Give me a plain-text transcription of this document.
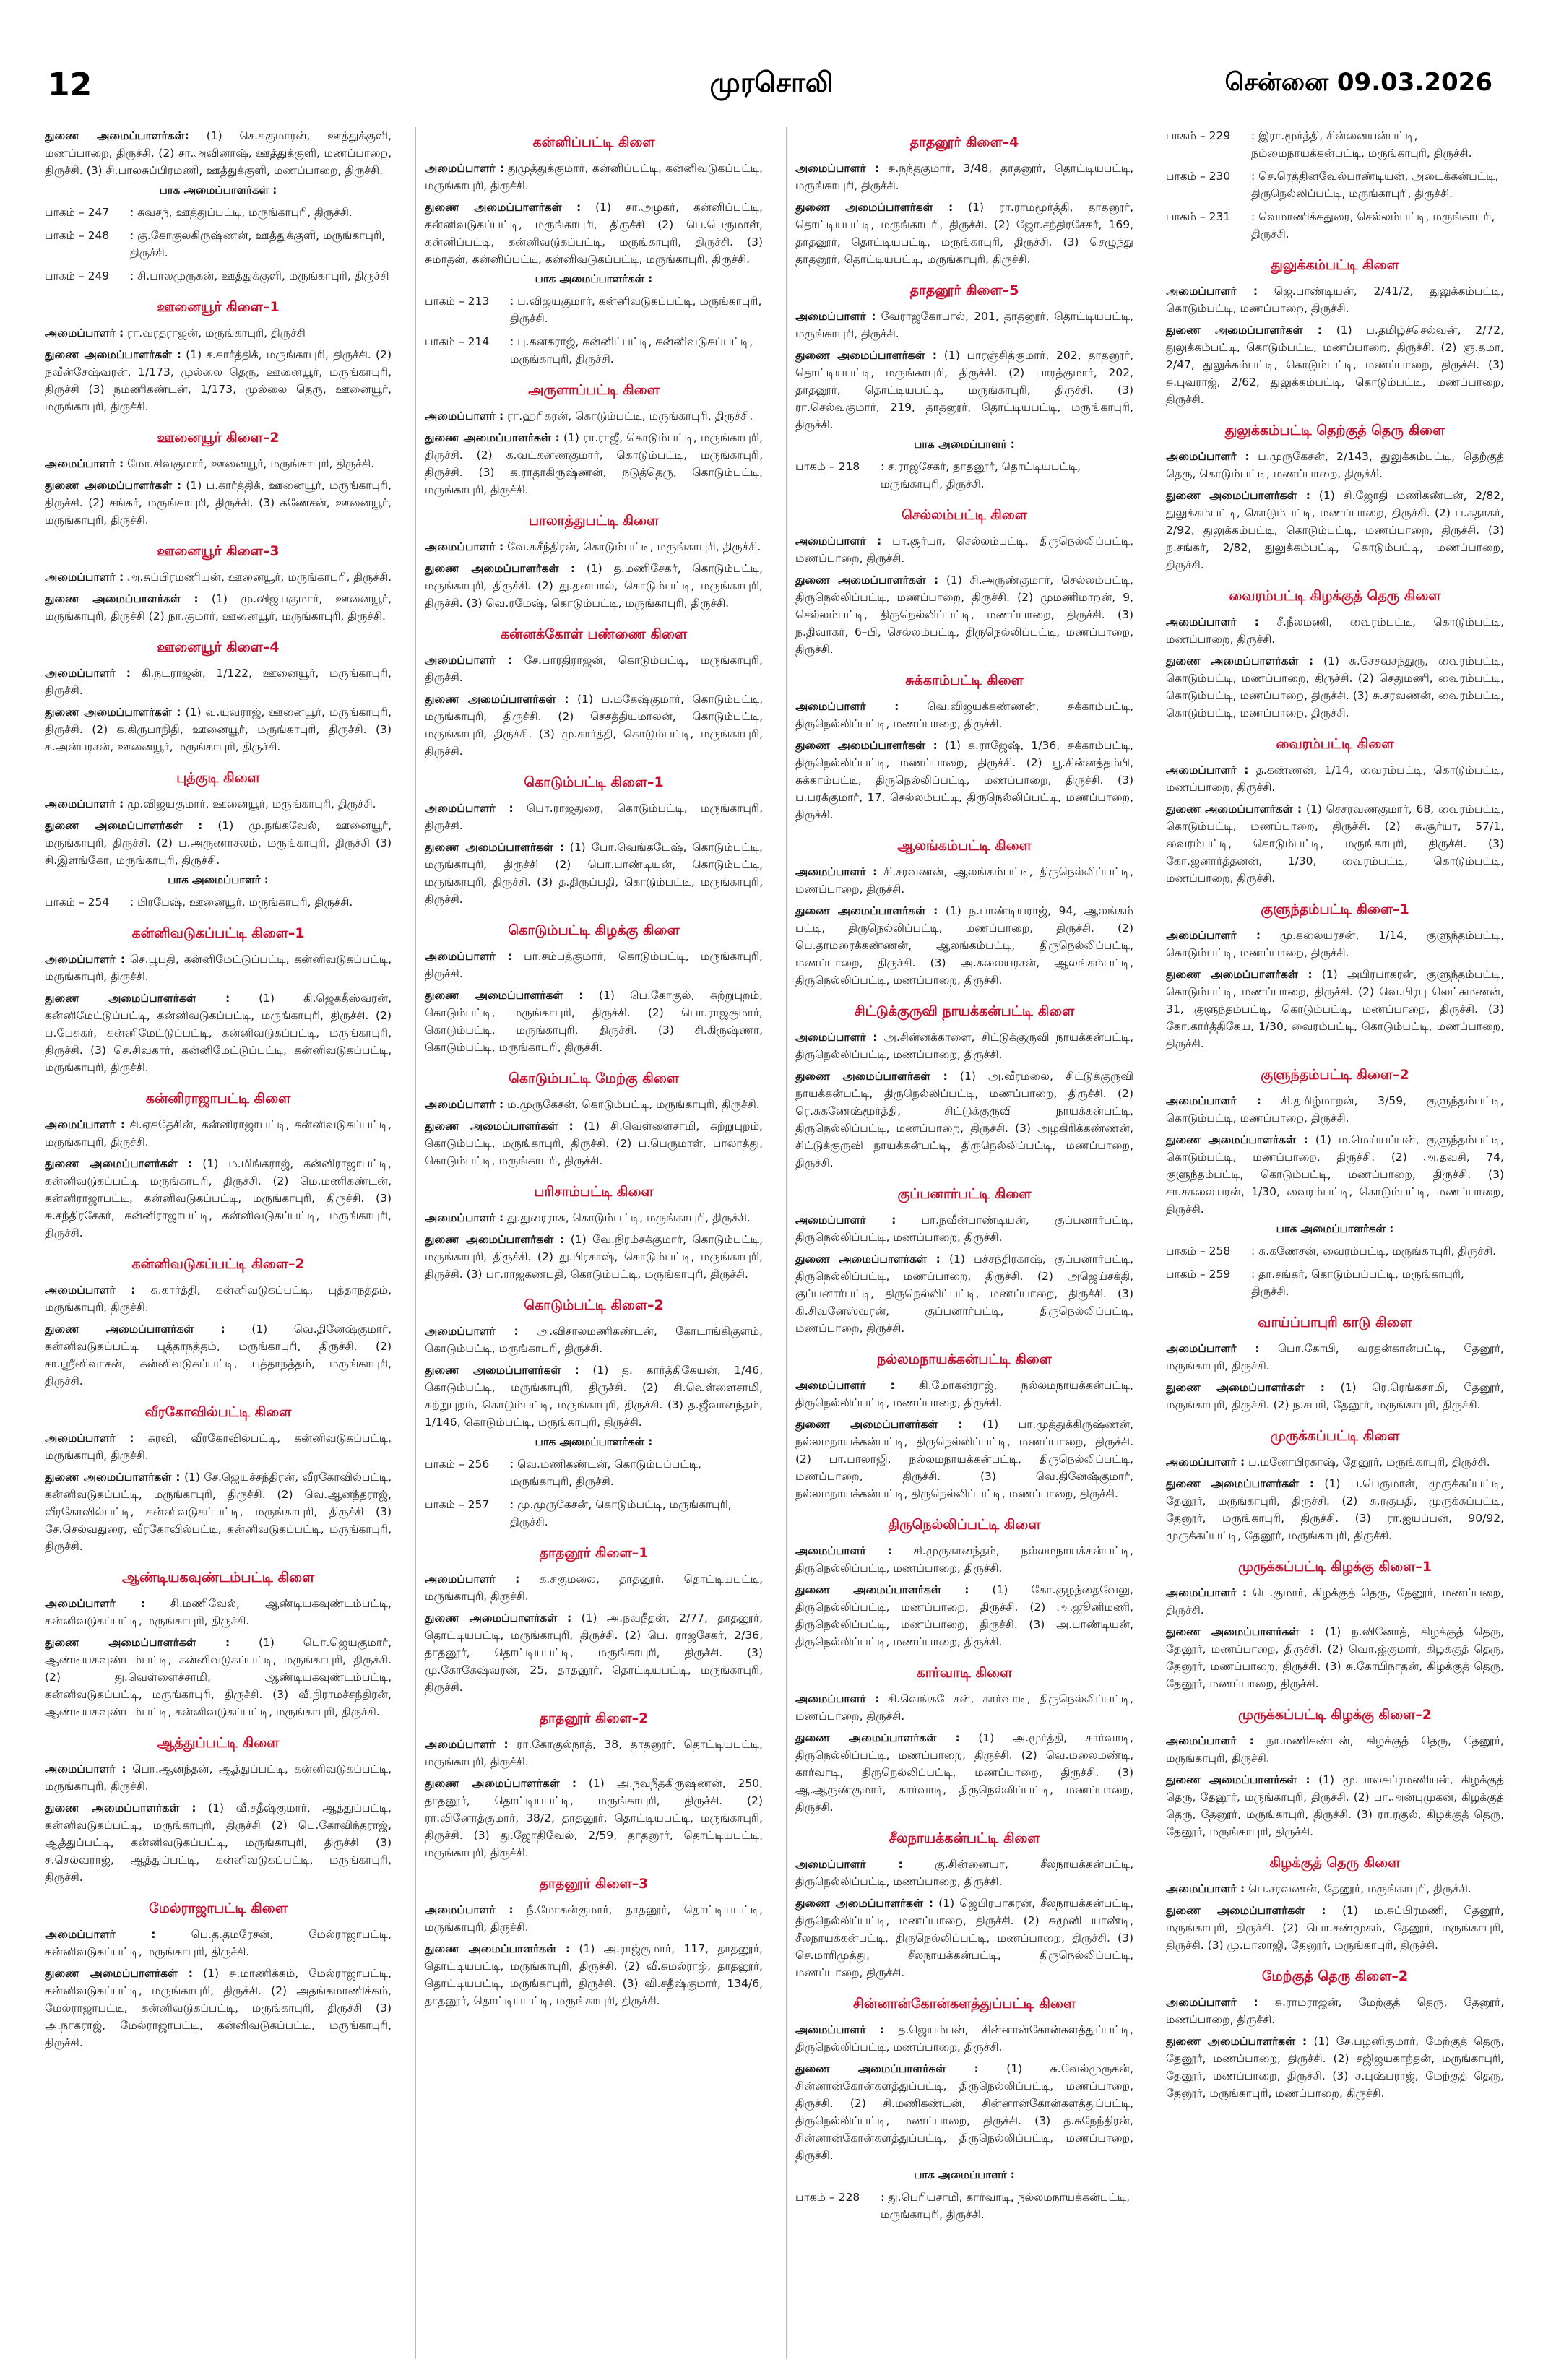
12	முரசொலி	சென்னை 09.03.2026
துணை அமைப்பாளர்கள்: (1) செ.சுகுமாரன், ஊத்துக்குளி, மணப்பாறை, திருச்சி. (2) சா.அவினாஷ், ஊத்துக்குளி, மணப்பாறை, திருச்சி. (3) சி.பாலசுப்பிரமணி, ஊத்துக்குளி, மணப்பாறை, திருச்சி.
பாக அமைப்பாளர்கள் :
பாகம் – 247	: சுவசந், ஊத்துப்பட்டி, மருங்காபுரி, திருச்சி.
பாகம் – 248	: கு.கோகுலகிருஷ்ணன், ஊத்துக்குளி, மருங்காபுரி, திருச்சி.
பாகம் – 249	: சி.பாலமுருகன், ஊத்துக்குளி, மருங்காபுரி, திருச்சி
ஊனையூர் கிளை–1
அமைப்பாளர் : ரா.வரதராஜன், மருங்காபுரி, திருச்சி
துணை அமைப்பாளர்கள் : (1) ச.கார்த்திக், மருங்காபுரி, திருச்சி. (2) நவீன்சேஷ்வரன், 1/173, முல்லை தெரு, ஊனையூர், மருங்காபுரி, திருச்சி (3) நமணிகண்டன், 1/173, முல்லை தெரு, ஊனையூர், மருங்காபுரி, திருச்சி.
ஊனையூர் கிளை–2
அமைப்பாளர் : மோ.சிவகுமார், ஊனையூர், மருங்காபுரி, திருச்சி.
துணை அமைப்பாளர்கள் : (1) ப.கார்த்திக், ஊனையூர், மருங்காபுரி, திருச்சி. (2) சங்கர், மருங்காபுரி, திருச்சி. (3) கணேசன், ஊனையூர், மருங்காபுரி, திருச்சி.
ஊனையூர் கிளை–3
அமைப்பாளர் : அ.சுப்பிரமணியன், ஊனையூர், மருங்காபுரி, திருச்சி.
துணை அமைப்பாளர்கள் : (1) மு.விஜயகுமார், ஊனையூர், மருங்காபுரி, திருச்சி (2) நா.குமார், ஊனையூர், மருங்காபுரி, திருச்சி.
ஊனையூர் கிளை–4
அமைப்பாளர் : கி.நடராஜன், 1/122, ஊனையூர், மருங்காபுரி, திருச்சி.
துணை அமைப்பாளர்கள் : (1) வ.யுவராஜ், ஊனையூர், மருங்காபுரி, திருச்சி. (2) க.கிருபாநிதி, ஊனையூர், மருங்காபுரி, திருச்சி. (3) க.அன்பரசன், ஊனையூர், மருங்காபுரி, திருச்சி.
புத்குடி கிளை
அமைப்பாளர் : மு.விஜயகுமார், ஊனையூர், மருங்காபுரி, திருச்சி.
துணை அமைப்பாளர்கள் : (1) மு.நங்கவேல், ஊனையூர், மருங்காபுரி, திருச்சி. (2) ப.அருணாசலம், மருங்காபுரி, திருச்சி (3) சி.இளங்கோ, மருங்காபுரி, திருச்சி.
பாக அமைப்பாளர் :
பாகம் – 254	: பிரபேஷ், ஊனையூர், மருங்காபுரி, திருச்சி.
கன்னிவடுகப்பட்டி கிளை–1
அமைப்பாளர் : செ.பூபதி, கன்னிமேட்டுப்பட்டி, கன்னிவடுகப்பட்டி, மருங்காபுரி, திருச்சி.
துணை அமைப்பாளர்கள் :	(1) கி.ஜெகதீஸ்வரன், கன்னிமேட்டுப்பட்டி, கன்னிவடுகப்பட்டி, மருங்காபுரி, திருச்சி. (2) ப.பேசுகர், கன்னிமேட்டுப்பட்டி, கன்னிவடுகப்பட்டி, மருங்காபுரி, திருச்சி. (3) செ.சிவகார், கன்னிமேட்டுப்பட்டி, கன்னிவடுகப்பட்டி, மருங்காபுரி, திருச்சி.
கன்னிராஜாபட்டி கிளை
அமைப்பாளர் : சி.ஏகதேசின், கன்னிராஜாபட்டி, கன்னிவடுகப்பட்டி, மருங்காபுரி, திருச்சி.
துணை அமைப்பாளர்கள் : (1) ம.மிங்கராஜ், கன்னிராஜாபட்டி, கன்னிவடுகப்பட்டி மருங்காபுரி, திருச்சி. (2) மெ.மணிகண்டன், கன்னிராஜாபட்டி, கன்னிவடுகப்பட்டி, மருங்காபுரி, திருச்சி. (3) சு.சந்திரசேகர், கன்னிராஜாபட்டி, கன்னிவடுகப்பட்டி, மருங்காபுரி, திருச்சி.
கன்னிவடுகப்பட்டி கிளை–2
அமைப்பாளர் : சு.கார்த்தி, கன்னிவடுகப்பட்டி, புத்தாநத்தம், மருங்காபுரி, திருச்சி.
துணை அமைப்பாளர்கள் : (1) வெ.தினேஷ்குமார், கன்னிவடுகப்பட்டி புத்தாநத்தம், மருங்காபுரி, திருச்சி. (2) சா.ஸ்ரீனிவாசன், கன்னிவடுகப்பட்டி, புத்தாநத்தம், மருங்காபுரி, திருச்சி.
வீரகோவில்பட்டி கிளை
அமைப்பாளர் : சுரவி, வீரகோவில்பட்டி, கன்னிவடுகப்பட்டி, மருங்காபுரி, திருச்சி.
துணை அமைப்பாளர்கள் : (1) சே.ஜெயச்சந்திரன், வீரகோவில்பட்டி, கன்னிவடுகப்பட்டி, மருங்காபுரி, திருச்சி. (2) வெ.ஆனந்தராஜ், வீரகோவில்பட்டி, கன்னிவடுகப்பட்டி, மருங்காபுரி, திருச்சி (3) சே.செல்வதுரை, வீரகோவில்பட்டி, கன்னிவடுகப்பட்டி, மருங்காபுரி, திருச்சி.
ஆண்டியகவுண்டம்பட்டி கிளை
அமைப்பாளர் : சி.மணிவேல், ஆண்டியகவுண்டம்பட்டி, கன்னிவடுகப்பட்டி, மருங்காபுரி, திருச்சி.
துணை அமைப்பாளர்கள் :	(1) பொ.ஜெயகுமார், ஆண்டியகவுண்டம்பட்டி, கன்னிவடுகப்பட்டி, மருங்காபுரி, திருச்சி. (2) து.வெள்ளைச்சாமி, ஆண்டியகவுண்டம்பட்டி, கன்னிவடுகப்பட்டி, மருங்காபுரி, திருச்சி. (3) வீ.நிராமச்சந்திரன், ஆண்டியகவுண்டம்பட்டி, கன்னிவடுகப்பட்டி, மருங்காபுரி, திருச்சி.
ஆத்துப்பட்டி கிளை
அமைப்பாளர் : பொ.ஆனந்தன், ஆத்துப்பட்டி, கன்னிவடுகப்பட்டி, மருங்காபுரி, திருச்சி.
துணை அமைப்பாளர்கள் : (1) வீ.சதீஷ்குமார், ஆத்துப்பட்டி, கன்னிவடுகப்பட்டி, மருங்காபுரி, திருச்சி (2) பெ.கோவிந்தராஜ், ஆத்துப்பட்டி, கன்னிவடுகப்பட்டி, மருங்காபுரி, திருச்சி (3) ச.செல்வராஜ், ஆத்துப்பட்டி, கன்னிவடுகப்பட்டி, மருங்காபுரி, திருச்சி.
மேல்ராஜாபட்டி கிளை
அமைப்பாளர் :	பெ.த.தமரேசன், மேல்ராஜாபட்டி, கன்னிவடுகப்பட்டி, மருங்காபுரி, திருச்சி.
துணை அமைப்பாளர்கள் : (1) சு.மாணிக்கம், மேல்ராஜாபட்டி, கன்னிவடுகப்பட்டி, மருங்காபுரி, திருச்சி. (2) அதங்கமாணிக்கம், மேல்ராஜாபட்டி, கன்னிவடுகப்பட்டி, மருங்காபுரி, திருச்சி (3) அ.நாகராஜ், மேல்ராஜாபட்டி, கன்னிவடுகப்பட்டி, மருங்காபுரி, திருச்சி.
கன்னிப்பட்டி கிளை
அமைப்பாளர் : துமுத்துக்குமார், கன்னிப்பட்டி, கன்னிவடுகப்பட்டி, மருங்காபுரி, திருச்சி.
துணை அமைப்பாளர்கள் : (1) சா.அழகர், கன்னிப்பட்டி, கன்னிவடுகப்பட்டி, மருங்காபுரி, திருச்சி (2) பெ.பெருமாள், கன்னிப்பட்டி, கன்னிவடுகப்பட்டி, மருங்காபுரி, திருச்சி. (3) சுமாதன், கன்னிப்பட்டி, கன்னிவடுகப்பட்டி, மருங்காபுரி, திருச்சி.
பாக அமைப்பாளர்கள் :
பாகம் – 213	: ப.விஜயகுமார், கன்னிவடுகப்பட்டி, மருங்காபுரி, திருச்சி.
பாகம் – 214	: பு.கனகராஜ், கன்னிப்பட்டி, கன்னிவடுகப்பட்டி, மருங்காபுரி, திருச்சி.
அருளாப்பட்டி கிளை
அமைப்பாளர் : ரா.ஹரிகரன், கொடும்பட்டி, மருங்காபுரி, திருச்சி.
துணை அமைப்பாளர்கள் : (1) ரா.ராஜீ, கொடும்பட்டி, மருங்காபுரி, திருச்சி. (2) க.வட்கனணகுமார், கொடும்பட்டி, மருங்காபுரி, திருச்சி. (3) க.ராதாகிருஷ்ணன், நடுத்தெரு, கொடும்பட்டி, மருங்காபுரி, திருச்சி.
பாலாத்துபட்டி கிளை
அமைப்பாளர் : வே.சுசீந்திரன், கொடும்பட்டி, மருங்காபுரி, திருச்சி.
துணை அமைப்பாளர்கள் : (1) த.மணிசேகர், கொடும்பட்டி, மருங்காபுரி, திருச்சி. (2) து.தனபால், கொடும்பட்டி, மருங்காபுரி, திருச்சி. (3) வெ.ரமேஷ், கொடும்பட்டி, மருங்காபுரி, திருச்சி.
கன்னக்கோள் பண்ணை கிளை
அமைப்பாளர் : சே.பாரதிராஜன், கொடும்பட்டி, மருங்காபுரி, திருச்சி.
துணை அமைப்பாளர்கள் : (1) ப.மகேஷ்குமார், கொடும்பட்டி, மருங்காபுரி, திருச்சி. (2) செசத்தியமாலன், கொடும்பட்டி, மருங்காபுரி, திருச்சி. (3) மு.கார்த்தி, கொடும்பட்டி, மருங்காபுரி, திருச்சி.
கொடும்பட்டி கிளை–1
அமைப்பாளர் : பொ.ராஜதுரை, கொடும்பட்டி, மருங்காபுரி, திருச்சி.
துணை அமைப்பாளர்கள் : (1) போ.வெங்கடேஷ், கொடும்பட்டி, மருங்காபுரி, திருச்சி (2) பொ.பாண்டியன், கொடும்பட்டி, மருங்காபுரி, திருச்சி. (3) த.திருப்பதி, கொடும்பட்டி, மருங்காபுரி, திருச்சி.
கொடும்பட்டி கிழக்கு கிளை
அமைப்பாளர் : பா.சம்பத்குமார், கொடும்பட்டி, மருங்காபுரி, திருச்சி.
துணை அமைப்பாளர்கள் : (1) பெ.கோகுல், சுற்றுபுறம், கொடும்பட்டி, மருங்காபுரி, திருச்சி. (2) பொ.ராஜகுமார், கொடும்பட்டி, மருங்காபுரி, திருச்சி. (3) சி.கிருஷ்ணா, கொடும்பட்டி, மருங்காபுரி, திருச்சி.
கொடும்பட்டி மேற்கு கிளை
அமைப்பாளர் : ம.முருகேசன், கொடும்பட்டி, மருங்காபுரி, திருச்சி.
துணை அமைப்பாளர்கள் : (1) சி.வெள்ளைசாமி, சுற்றுபுறம், கொடும்பட்டி, மருங்காபுரி, திருச்சி. (2) ப.பெருமாள், பாலாத்து, கொடும்பட்டி, மருங்காபுரி, திருச்சி.
பரிசாம்பட்டி கிளை
அமைப்பாளர் : து.துரைராசு, கொடும்பட்டி, மருங்காபுரி, திருச்சி.
துணை அமைப்பாளர்கள் : (1) வே.நிரம்சக்குமார், கொடும்பட்டி, மருங்காபுரி, திருச்சி. (2) து.பிரகாஷ், கொடும்பட்டி, மருங்காபுரி, திருச்சி. (3) பா.ராஜகணபதி, கொடும்பட்டி, மருங்காபுரி, திருச்சி.
கொடும்பட்டி கிளை–2
அமைப்பாளர் : அ.விசாலமணிகண்டன், கோடாங்கிகுளம், கொடும்பட்டி, மருங்காபுரி, திருச்சி.
துணை அமைப்பாளர்கள் : (1) த. கார்த்திகேயன், 1/46, கொடும்பட்டி, மருங்காபுரி, திருச்சி. (2) சி.வெள்ளைசாமி, சுற்றுபுறம், கொடும்பட்டி, மருங்காபுரி, திருச்சி. (3) த.ஜீவானந்தம், 1/146, கொடும்பட்டி, மருங்காபுரி, திருச்சி.
பாக அமைப்பாளர்கள் :
பாகம் – 256	: வெ.மணிகண்டன், கொடும்பப்பட்டி, மருங்காபுரி, திருச்சி.
பாகம் – 257	: மு.முருகேசன், கொடும்பட்டி, மருங்காபுரி, திருச்சி.
தாதனூர் கிளை–1
அமைப்பாளர் : க.சுகுமலை, தாதனூர், தொட்டியபட்டி, மருங்காபுரி, திருச்சி.
துணை அமைப்பாளர்கள் : (1) அ.நவநீதன், 2/77, தாதனூர், தொட்டியபட்டி, மருங்காபுரி, திருச்சி. (2) பெ. ராஜசேகர், 2/36, தாதனூர், தொட்டியபட்டி, மருங்காபுரி, திருச்சி. (3) மு.கோகேஷ்வரன், 25, தாதனூர், தொட்டியபட்டி, மருங்காபுரி, திருச்சி.
தாதனூர் கிளை–2
அமைப்பாளர் : ரா.கோகுல்நாத், 38, தாதனூர், தொட்டியபட்டி, மருங்காபுரி, திருச்சி.
துணை அமைப்பாளர்கள் : (1) அ.நவநீதகிருஷ்ணன், 250, தாதனூர், தொட்டியபட்டி, மருங்காபுரி, திருச்சி. (2) ரா.வினோத்குமார், 38/2, தாதனூர், தொட்டியபட்டி, மருங்காபுரி, திருச்சி. (3) து.ஜோதிவேல், 2/59, தாதனூர், தொட்டியபட்டி, மருங்காபுரி, திருச்சி.
தாதனூர் கிளை–3
அமைப்பாளர் : நீ.மோகன்குமார், தாதனூர், தொட்டியபட்டி, மருங்காபுரி, திருச்சி.
துணை அமைப்பாளர்கள் : (1) அ.ராஜ்குமார், 117, தாதனூர், தொட்டியபட்டி, மருங்காபுரி, திருச்சி. (2) வீ.சுமல்ராஜ், தாதனூர், தொட்டியபட்டி, மருங்காபுரி, திருச்சி. (3) வி.சதீஷ்குமார், 134/6, தாதனூர், தொட்டியபட்டி, மருங்காபுரி, திருச்சி.
தாதனூர் கிளை–4
அமைப்பாளர் : சு.நந்தகுமார், 3/48, தாதனூர், தொட்டியபட்டி, மருங்காபுரி, திருச்சி.
துணை அமைப்பாளர்கள் : (1) ரா.ராமமூர்த்தி, தாதனூர், தொட்டியபட்டி, மருங்காபுரி, திருச்சி. (2) ஜோ.சந்திரசேகர், 169, தாதனூர், தொட்டியபட்டி, மருங்காபுரி, திருச்சி. (3) செழுந்து தாதனூர், தொட்டியபட்டி, மருங்காபுரி, திருச்சி.
தாதனூர் கிளை–5
அமைப்பாளர் : வேராஜகோபால், 201, தாதனூர், தொட்டியபட்டி, மருங்காபுரி, திருச்சி.
துணை அமைப்பாளர்கள் : (1) பாரஞ்சித்குமார், 202, தாதனூர், தொட்டியபட்டி, மருங்காபுரி, திருச்சி. (2) பாரத்குமார், 202, தாதனூர், தொட்டியபட்டி, மருங்காபுரி, திருச்சி. (3) ரா.செல்வகுமார், 219, தாதனூர், தொட்டியபட்டி, மருங்காபுரி, திருச்சி.
பாக அமைப்பாளர் :
பாகம் – 218	: ச.ராஜசேகர், தாதனூர், தொட்டியபட்டி, மருங்காபுரி, திருச்சி.
செல்லம்பட்டி கிளை
அமைப்பாளர் : பா.சூர்யா, செல்லம்பட்டி, திருநெல்லிப்பட்டி, மணப்பாறை, திருச்சி.
துணை அமைப்பாளர்கள் : (1) சி.அருண்குமார், செல்லம்பட்டி, திருநெல்லிப்பட்டி, மணப்பாறை, திருச்சி. (2) முமணிமாறன், 9, செல்லம்பட்டி, திருநெல்லிப்பட்டி, மணப்பாறை, திருச்சி. (3) ந.திவாகர், 6–பி, செல்லம்பட்டி, திருநெல்லிப்பட்டி, மணப்பாறை, திருச்சி.
சுக்காம்பட்டி கிளை
அமைப்பாளர் :	வெ.விஜயக்கண்ணன், சுக்காம்பட்டி, திருநெல்லிப்பட்டி, மணப்பாறை, திருச்சி.
துணை அமைப்பாளர்கள் : (1) க.ராஜேஷ், 1/36, சுக்காம்பட்டி, திருநெல்லிப்பட்டி, மணப்பாறை, திருச்சி. (2) பூ.சின்னத்தம்பி, சுக்காம்பட்டி, திருநெல்லிப்பட்டி, மணப்பாறை, திருச்சி. (3) ப.பரக்குமார், 17, செல்லம்பட்டி, திருநெல்லிப்பட்டி, மணப்பாறை, திருச்சி.
ஆலங்கம்பட்டி கிளை
அமைப்பாளர் : சி.சரவணன், ஆலங்கம்பட்டி, திருநெல்லிப்பட்டி, மணப்பாறை, திருச்சி.
துணை அமைப்பாளர்கள் : (1) ந.பாண்டியராஜ், 94, ஆலங்கம் பட்டி, திருநெல்லிப்பட்டி, மணப்பாறை, திருச்சி. (2) பெ.தாமரைக்கண்ணன், ஆலங்கம்பட்டி, திருநெல்லிப்பட்டி, மணப்பாறை, திருச்சி. (3) அ.கலையரசன், ஆலங்கம்பட்டி, திருநெல்லிப்பட்டி, மணப்பாறை, திருச்சி.
சிட்டுக்குருவி நாயக்கன்பட்டி கிளை
அமைப்பாளர் : அ.சின்னக்காளை, சிட்டுக்குருவி நாயக்கன்பட்டி, திருநெல்லிப்பட்டி, மணப்பாறை, திருச்சி.
துணை அமைப்பாளர்கள் : (1) அ.வீரமலை, சிட்டுக்குருவி நாயக்கன்பட்டி, திருநெல்லிப்பட்டி, மணப்பாறை, திருச்சி. (2) ரெ.சுகணேஷ்மூர்த்தி, சிட்டுக்குருவி நாயக்கன்பட்டி, திருநெல்லிப்பட்டி, மணப்பாறை, திருச்சி. (3) அழகிரிக்கண்ணன், சிட்டுக்குருவி நாயக்கன்பட்டி, திருநெல்லிப்பட்டி, மணப்பாறை, திருச்சி.
குப்பனார்பட்டி கிளை
அமைப்பாளர் : பா.நவீன்பாண்டியன், குப்பனார்பட்டி, திருநெல்லிப்பட்டி, மணப்பாறை, திருச்சி.
துணை அமைப்பாளர்கள் : (1) பச்சந்திரகாஷ், குப்பனார்பட்டி, திருநெல்லிப்பட்டி, மணப்பாறை, திருச்சி. (2) அஜெய்சக்தி, குப்பனார்பட்டி, திருநெல்லிப்பட்டி, மணப்பாறை, திருச்சி. (3) கி.சிவனேஸ்வரன், குப்பனார்பட்டி, திருநெல்லிப்பட்டி, மணப்பாறை, திருச்சி.
நல்லமநாயக்கன்பட்டி கிளை
அமைப்பாளர் : கி.மோகன்ராஜ், நல்லமநாயக்கன்பட்டி, திருநெல்லிப்பட்டி, மணப்பாறை, திருச்சி.
துணை அமைப்பாளர்கள் : (1) பா.முத்துக்கிருஷ்ணன், நல்லமநாயக்கன்பட்டி, திருநெல்லிப்பட்டி, மணப்பாறை, திருச்சி. (2) பா.பாலாஜி, நல்லமநாயக்கன்பட்டி, திருநெல்லிப்பட்டி, மணப்பாறை, திருச்சி. (3) வெ.தினேஷ்குமார், நல்லமநாயக்கன்பட்டி, திருநெல்லிப்பட்டி, மணப்பாறை, திருச்சி.
திருநெல்லிப்பட்டி கிளை
அமைப்பாளர் : சி.முருகானந்தம், நல்லமநாயக்கன்பட்டி, திருநெல்லிப்பட்டி, மணப்பாறை, திருச்சி.
துணை அமைப்பாளர்கள் : (1) கோ.குழந்தைவேலு, திருநெல்லிப்பட்டி, மணப்பாறை, திருச்சி. (2) அ.ஜூனிமணி, திருநெல்லிப்பட்டி, மணப்பாறை, திருச்சி. (3) அ.பாண்டியன், திருநெல்லிப்பட்டி, மணப்பாறை, திருச்சி.
கார்வாடி கிளை
அமைப்பாளர் : சி.வெங்கடேசன், கார்வாடி, திருநெல்லிப்பட்டி, மணப்பாறை, திருச்சி.
துணை அமைப்பாளர்கள் : (1) அ.மூர்த்தி, கார்வாடி, திருநெல்லிப்பட்டி, மணப்பாறை, திருச்சி. (2) வெ.மலைமண்டி, கார்வாடி, திருநெல்லிப்பட்டி, மணப்பாறை, திருச்சி. (3) ஆ.ஆருண்குமார், கார்வாடி, திருநெல்லிப்பட்டி, மணப்பாறை, திருச்சி.
சீலநாயக்கன்பட்டி கிளை
அமைப்பாளர் :	கு.சின்னையா, சீலநாயக்கன்பட்டி, திருநெல்லிப்பட்டி, மணப்பாறை, திருச்சி.
துணை அமைப்பாளர்கள் : (1) ஜெபிரபாகரன், சீலநாயக்கன்பட்டி, திருநெல்லிப்பட்டி, மணப்பாறை, திருச்சி. (2) சுமூனி யாண்டி, சீலநாயக்கன்பட்டி, திருநெல்லிப்பட்டி, மணப்பாறை, திருச்சி. (3) செ.மாரிமுத்து, சீலநாயக்கன்பட்டி, திருநெல்லிப்பட்டி, மணப்பாறை, திருச்சி.
சின்னான்கோன்களத்துப்பட்டி கிளை
அமைப்பாளர் : த.ஜெயம்பன், சின்னான்கோன்களத்துப்பட்டி, திருநெல்லிப்பட்டி, மணப்பாறை, திருச்சி.
துணை அமைப்பாளர்கள் : (1) சு.வேல்முருகன், சின்னான்கோன்களத்துப்பட்டி, திருநெல்லிப்பட்டி, மணப்பாறை, திருச்சி. (2) சி.மணிகண்டன், சின்னான்கோன்களத்துப்பட்டி, திருநெல்லிப்பட்டி, மணப்பாறை, திருச்சி. (3) த.சுநேந்திரன், சின்னான்கோன்களத்துப்பட்டி, திருநெல்லிப்பட்டி, மணப்பாறை, திருச்சி.
பாக அமைப்பாளர் :
பாகம் – 228	: து.பெரியசாமி, கார்வாடி, நல்லமநாயக்கன்பட்டி, மருங்காபுரி, திருச்சி.
பாகம் – 229	: இரா.மூர்த்தி, சின்னையன்பட்டி, நம்மைநாயக்கன்பட்டி, மருங்காபுரி, திருச்சி.
பாகம் – 230	: செ.ரெத்தினவேல்பாண்டியன், அடைக்கன்பட்டி, திருநெல்லிப்பட்டி, மருங்காபுரி, திருச்சி.
பாகம் – 231	: வெமாணிக்கதுரை, செல்லம்பட்டி, மருங்காபுரி, திருச்சி.
துலுக்கம்பட்டி கிளை
அமைப்பாளர் : ஜெ.பாண்டியன், 2/41/2, துலுக்கம்பட்டி, கொடும்பட்டி, மணப்பாறை, திருச்சி.
துணை அமைப்பாளர்கள் : (1) ப.தமிழ்ச்செல்வன், 2/72, துலுக்கம்பட்டி, கொடும்பட்டி, மணப்பாறை, திருச்சி. (2) ஞ.தமா, 2/47, துலுக்கம்பட்டி, கொடும்பட்டி, மணப்பாறை, திருச்சி. (3) சு.புவராஜ், 2/62, துலுக்கம்பட்டி, கொடும்பட்டி, மணப்பாறை, திருச்சி.
துலுக்கம்பட்டி தெற்குத் தெரு கிளை
அமைப்பாளர் : ப.முருகேசன், 2/143, துலுக்கம்பட்டி, தெற்குத் தெரு, கொடும்பட்டி, மணப்பாறை, திருச்சி.
துணை அமைப்பாளர்கள் : (1) சி.ஜோதி மணிகண்டன், 2/82, துலுக்கம்பட்டி, கொடும்பட்டி, மணப்பாறை, திருச்சி. (2) ப.சுதாகர், 2/92, துலுக்கம்பட்டி, கொடும்பட்டி, மணப்பாறை, திருச்சி. (3) ந.சங்கர், 2/82, துலுக்கம்பட்டி, கொடும்பட்டி, மணப்பாறை, திருச்சி.
வைரம்பட்டி கிழக்குத் தெரு கிளை
அமைப்பாளர் : சீ.நீலமணி, வைரம்பட்டி, கொடும்பட்டி, மணப்பாறை, திருச்சி.
துணை அமைப்பாளர்கள் : (1) சு.சேசவசந்துரு, வைரம்பட்டி, கொடும்பட்டி, மணப்பாறை, திருச்சி. (2) செதுமணி, வைரம்பட்டி, கொடும்பட்டி, மணப்பாறை, திருச்சி. (3) சு.சரவணன், வைரம்பட்டி, கொடும்பட்டி, மணப்பாறை, திருச்சி.
வைரம்பட்டி கிளை
அமைப்பாளர் : த.கண்ணன், 1/14, வைரம்பட்டி, கொடும்பட்டி, மணப்பாறை, திருச்சி.
துணை அமைப்பாளர்கள் : (1) செசரவணகுமார், 68, வைரம்பட்டி, கொடும்பட்டி, மணப்பாறை, திருச்சி. (2) சு.சூர்யா, 57/1, வைரம்பட்டி, கொடும்பட்டி, மருங்காபுரி, திருச்சி. (3) கோ.ஜனார்த்தனன், 1/30, வைரம்பட்டி, கொடும்பட்டி, மணப்பாறை, திருச்சி.
குளுந்தம்பட்டி கிளை–1
அமைப்பாளர் : மு.கலையரசன், 1/14, குளுந்தம்பட்டி, கொடும்பட்டி, மணப்பாறை, திருச்சி.
துணை அமைப்பாளர்கள் : (1) அபிரபாகரன், குளுந்தம்பட்டி, கொடும்பட்டி, மணப்பாறை, திருச்சி. (2) வெ.பிரபு லெட்சுமணன், 31, குளுந்தம்பட்டி, கொடும்பட்டி, மணப்பாறை, திருச்சி. (3) கோ.கார்த்திகேய, 1/30, வைரம்பட்டி, கொடும்பட்டி, மணப்பாறை, திருச்சி.
குளுந்தம்பட்டி கிளை–2
அமைப்பாளர் : சி.தமிழ்மாறன், 3/59, குளுந்தம்பட்டி, கொடும்பட்டி, மணப்பாறை, திருச்சி.
துணை அமைப்பாளர்கள் : (1) ம.மெய்யப்பன், குளுந்தம்பட்டி, கொடும்பட்டி, மணப்பாறை, திருச்சி. (2) அ.தவசி, 74, குளுந்தம்பட்டி, கொடும்பட்டி, மணப்பாறை, திருச்சி. (3) சா.சகலையரன், 1/30, வைரம்பட்டி, கொடும்பட்டி, மணப்பாறை, திருச்சி.
பாக அமைப்பாளர்கள் :
பாகம் – 258	: சு.கணேசன், வைரம்பட்டி, மருங்காபுரி, திருச்சி.
பாகம் – 259	: தா.சங்கர், கொடும்பப்பட்டி, மருங்காபுரி, திருச்சி.
வாய்ப்பாபுரி காடு கிளை
அமைப்பாளர் : பொ.கோபி, வரதன்கான்பட்டி, தேனூர், மருங்காபுரி, திருச்சி.
துணை அமைப்பாளர்கள் : (1) ரெ.ரெங்கசாமி, தேனூர், மருங்காபுரி, திருச்சி. (2) ந.சபரி, தேனூர், மருங்காபுரி, திருச்சி.
முருக்கப்பட்டி கிளை
அமைப்பாளர் : ப.மனோபிரகாஷ், தேனூர், மருங்காபுரி, திருச்சி.
துணை அமைப்பாளர்கள் : (1) ப.பெருமாள், முருக்கப்பட்டி, தேனூர், மருங்காபுரி, திருச்சி. (2) சு.ரகுபதி, முருக்கப்பட்டி, தேனூர், மருங்காபுரி, திருச்சி. (3) ரா.ஐயப்பன், 90/92, முருக்கப்பட்டி, தேனூர், மருங்காபுரி, திருச்சி.
முருக்கப்பட்டி கிழக்கு கிளை–1
அமைப்பாளர் : பெ.குமார், கிழக்குத் தெரு, தேனூர், மணப்பறை, திருச்சி.
துணை அமைப்பாளர்கள் : (1) ந.வினோத், கிழக்குத் தெரு, தேனூர், மணப்பாறை, திருச்சி. (2) வொ.ஜ்குமார், கிழக்குத் தெரு, தேனூர், மணப்பாறை, திருச்சி. (3) சு.கோபிநாதன், கிழக்குத் தெரு, தேனூர், மணப்பாறை, திருச்சி.
முருக்கப்பட்டி கிழக்கு கிளை–2
அமைப்பாளர் : நா.மணிகண்டன், கிழக்குத் தெரு, தேனூர், மருங்காபுரி, திருச்சி.
துணை அமைப்பாளர்கள் : (1) மூ.பாலசுப்ரமணியன், கிழக்குத் தெரு, தேனூர், மருங்காபுரி, திருச்சி. (2) பா.அன்புமுகன், கிழக்குத் தெரு, தேனூர், மருங்காபுரி, திருச்சி. (3) ரா.ரகுல், கிழக்குத் தெரு, தேனூர், மருங்காபுரி, திருச்சி.
கிழக்குத் தெரு கிளை
அமைப்பாளர் : பெ.சரவணன், தேனூர், மருங்காபுரி, திருச்சி.
துணை அமைப்பாளர்கள் : (1) ம.சுப்பிரமணி, தேனூர், மருங்காபுரி, திருச்சி. (2) பொ.சண்முகம், தேனூர், மருங்காபுரி, திருச்சி. (3) மு.பாலாஜி, தேனூர், மருங்காபுரி, திருச்சி.
மேற்குத் தெரு கிளை–2
அமைப்பாளர் : சு.ராமராஜன், மேற்குத் தெரு, தேனூர், மணப்பாறை, திருச்சி.
துணை அமைப்பாளர்கள் : (1) சே.பழனிகுமார், மேற்குத் தெரு, தேனூர், மணப்பாறை, திருச்சி. (2) சஜிஜயகாந்தன், மருங்காபுரி, தேனூர், மணப்பாறை, திருச்சி. (3) ச.புஷ்பராஜ், மேற்குத் தெரு, தேனூர், மருங்காபுரி, மணப்பாறை, திருச்சி.
